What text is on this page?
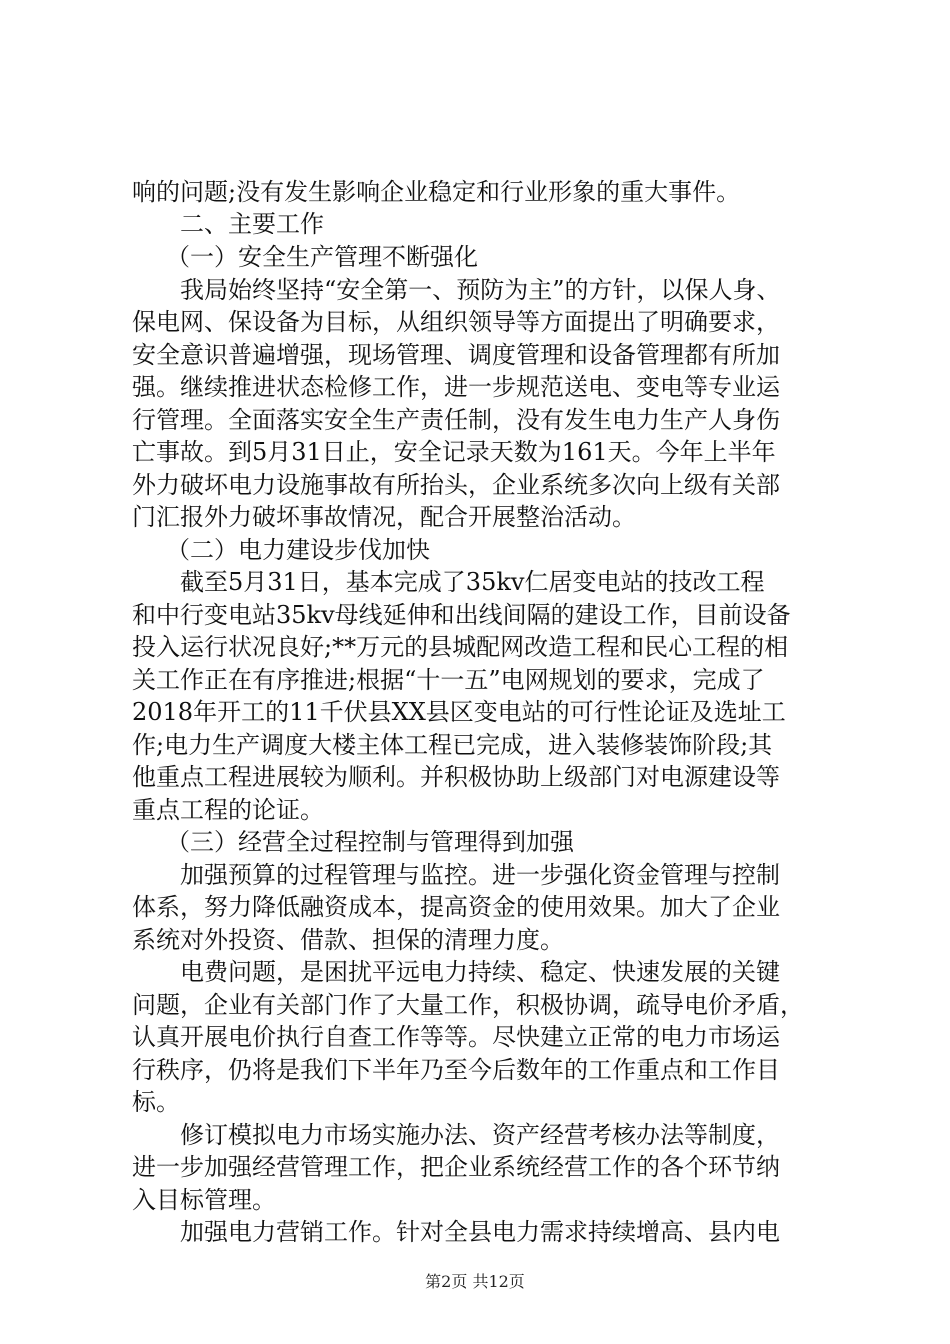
响的问题;没有发生影响企业稳定和行业形象的重大事件。
二、主要工作
（一）安全生产管理不断强化
我局始终坚持“安全第一、预防为主”的方针，以保人身、
保电网、保设备为目标，从组织领导等方面提出了明确要求，
安全意识普遍增强，现场管理、调度管理和设备管理都有所加
强。继续推进状态检修工作，进一步规范送电、变电等专业运
行管理。全面落实安全生产责任制，没有发生电力生产人身伤
亡事故。到5月31日止，安全记录天数为161天。今年上半年
外力破坏电力设施事故有所抬头，企业系统多次向上级有关部
门汇报外力破坏事故情况，配合开展整治活动。
（二）电力建设步伐加快
截至5月31日，基本完成了35kv仁居变电站的技改工程
和中行变电站35kv母线延伸和出线间隔的建设工作，目前设备
投入运行状况良好;**万元的县城配网改造工程和民心工程的相
关工作正在有序推进;根据“十一五”电网规划的要求，完成了
2018年开工的11千伏县XX县区变电站的可行性论证及选址工
作;电力生产调度大楼主体工程已完成，进入装修装饰阶段;其
他重点工程进展较为顺利。并积极协助上级部门对电源建设等
重点工程的论证。
（三）经营全过程控制与管理得到加强
加强预算的过程管理与监控。进一步强化资金管理与控制
体系，努力降低融资成本，提高资金的使用效果。加大了企业
系统对外投资、借款、担保的清理力度。
电费问题，是困扰平远电力持续、稳定、快速发展的关键
问题，企业有关部门作了大量工作，积极协调，疏导电价矛盾，
认真开展电价执行自查工作等等。尽快建立正常的电力市场运
行秩序，仍将是我们下半年乃至今后数年的工作重点和工作目
标。
修订模拟电力市场实施办法、资产经营考核办法等制度，
进一步加强经营管理工作，把企业系统经营工作的各个环节纳
入目标管理。
加强电力营销工作。针对全县电力需求持续增高、县内电
第2页 共12页
